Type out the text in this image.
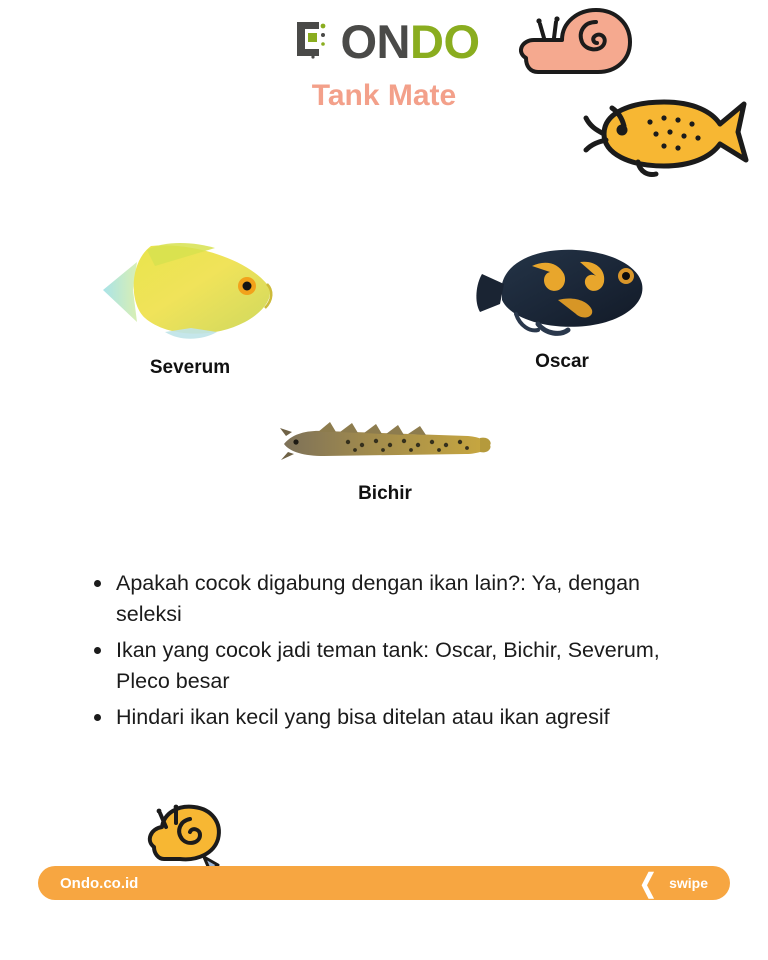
ONDO
Tank Mate
Severum	Oscar
Bichir
Apakah cocok digabung dengan ikan lain?: Ya, dengan seleksi
Ikan yang cocok jadi teman tank: Oscar, Bichir, Severum, Pleco besar
Hindari ikan kecil yang bisa ditelan atau ikan agresif
Ondo.co.id	❮ swipe
